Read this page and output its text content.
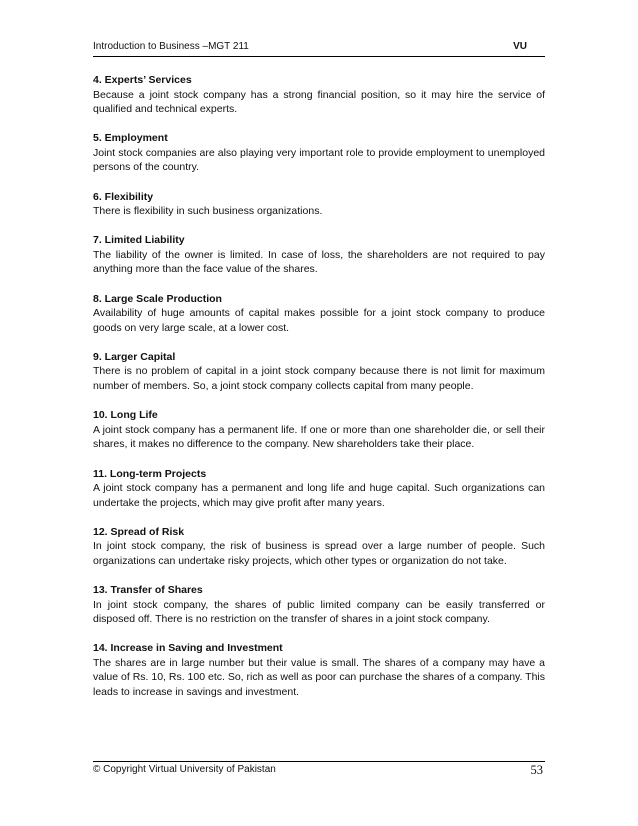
Introduction to Business –MGT 211	VU
4. Experts’ Services

Because a joint stock company has a strong financial position, so it may hire the service of qualified and technical experts.

5. Employment

Joint stock companies are also playing very important role to provide employment to unemployed persons of the country.

6. Flexibility

There is flexibility in such business organizations.

7. Limited Liability

The liability of the owner is limited. In case of loss, the shareholders are not required to pay anything more than the face value of the shares.

8. Large Scale Production

Availability of huge amounts of capital makes possible for a joint stock company to produce goods on very large scale, at a lower cost.

9. Larger Capital

There is no problem of capital in a joint stock company because there is not limit for maximum number of members. So, a joint stock company collects capital from many people.

10. Long Life

A joint stock company has a permanent life. If one or more than one shareholder die, or sell their shares, it makes no difference to the company. New shareholders take their place.

11. Long-term Projects

A joint stock company has a permanent and long life and huge capital. Such organizations can undertake the projects, which may give profit after many years.

12. Spread of Risk

In joint stock company, the risk of business is spread over a large number of people. Such organizations can undertake risky projects, which other types or organization do not take.

13. Transfer of Shares

In joint stock company, the shares of public limited company can be easily transferred or disposed off. There is no restriction on the transfer of shares in a joint stock company.

14. Increase in Saving and Investment

The shares are in large number but their value is small. The shares of a company may have a value of Rs. 10, Rs. 100 etc. So, rich as well as poor can purchase the shares of a company. This leads to increase in savings and investment.

© Copyright Virtual University of Pakistan	53
